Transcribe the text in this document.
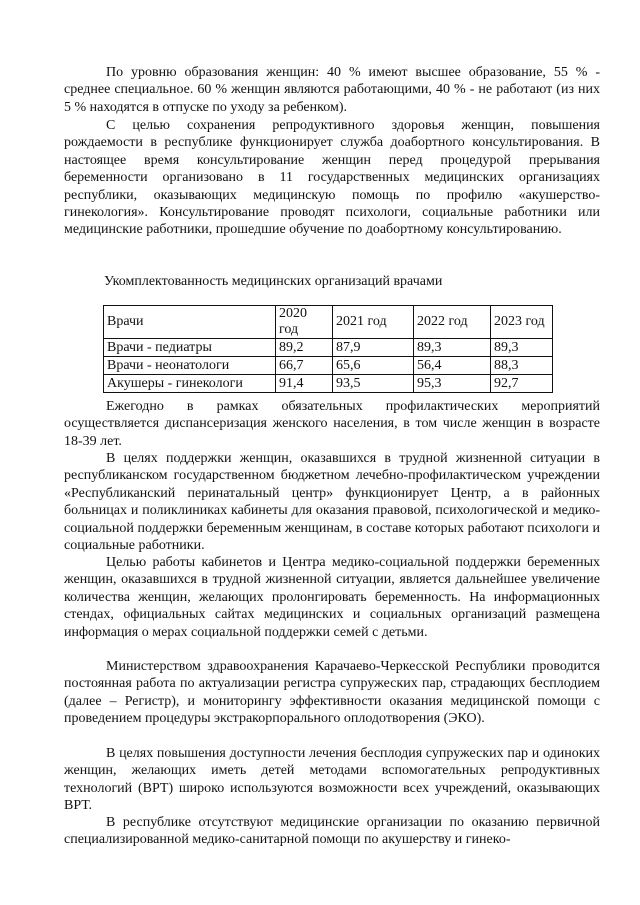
По уровню образования женщин: 40 % имеют высшее образование, 55 % - среднее специальное. 60 % женщин являются работающими, 40 % - не работают (из них 5 % находятся в отпуске по уходу за ребенком).

С целью сохранения репродуктивного здоровья женщин, повышения рождаемости в республике функционирует служба доабортного консультирования. В настоящее время консультирование женщин перед процедурой прерывания беременности организовано в 11 государственных медицинских организациях республики, оказывающих медицинскую помощь по профилю «акушерство-гинекология». Консультирование проводят психологи, социальные работники или медицинские работники, прошедшие обучение по доабортному консультированию.

Укомплектованность медицинских организаций врачами

Врачи	2020 год	2021 год	2022 год	2023 год
Врачи - педиатры	89,2	87,9	89,3	89,3
Врачи - неонатологи	66,7	65,6	56,4	88,3
Акушеры - гинекологи	91,4	93,5	95,3	92,7

Ежегодно в рамках обязательных профилактических мероприятий осуществляется диспансеризация женского населения, в том числе женщин в возрасте 18-39 лет.

В целях поддержки женщин, оказавшихся в трудной жизненной ситуации в республиканском государственном бюджетном лечебно-профилактическом учреждении «Республиканский перинатальный центр» функционирует Центр, а в районных больницах и поликлиниках кабинеты для оказания правовой, психологической и медико-социальной поддержки беременным женщинам, в составе которых работают психологи и социальные работники.

Целью работы кабинетов и Центра медико-социальной поддержки беременных женщин, оказавшихся в трудной жизненной ситуации, является дальнейшее увеличение количества женщин, желающих пролонгировать беременность. На информационных стендах, официальных сайтах медицинских и социальных организаций размещена информация о мерах социальной поддержки семей с детьми.

Министерством здравоохранения Карачаево-Черкесской Республики проводится постоянная работа по актуализации регистра супружеских пар, страдающих бесплодием (далее – Регистр), и мониторингу эффективности оказания медицинской помощи с проведением процедуры экстракорпорального оплодотворения (ЭКО).

В целях повышения доступности лечения бесплодия супружеских пар и одиноких женщин, желающих иметь детей методами вспомогательных репродуктивных технологий (ВРТ) широко используются возможности всех учреждений, оказывающих ВРТ.

В республике отсутствуют медицинские организации по оказанию первичной специализированной медико-санитарной помощи по акушерству и гинеко-
